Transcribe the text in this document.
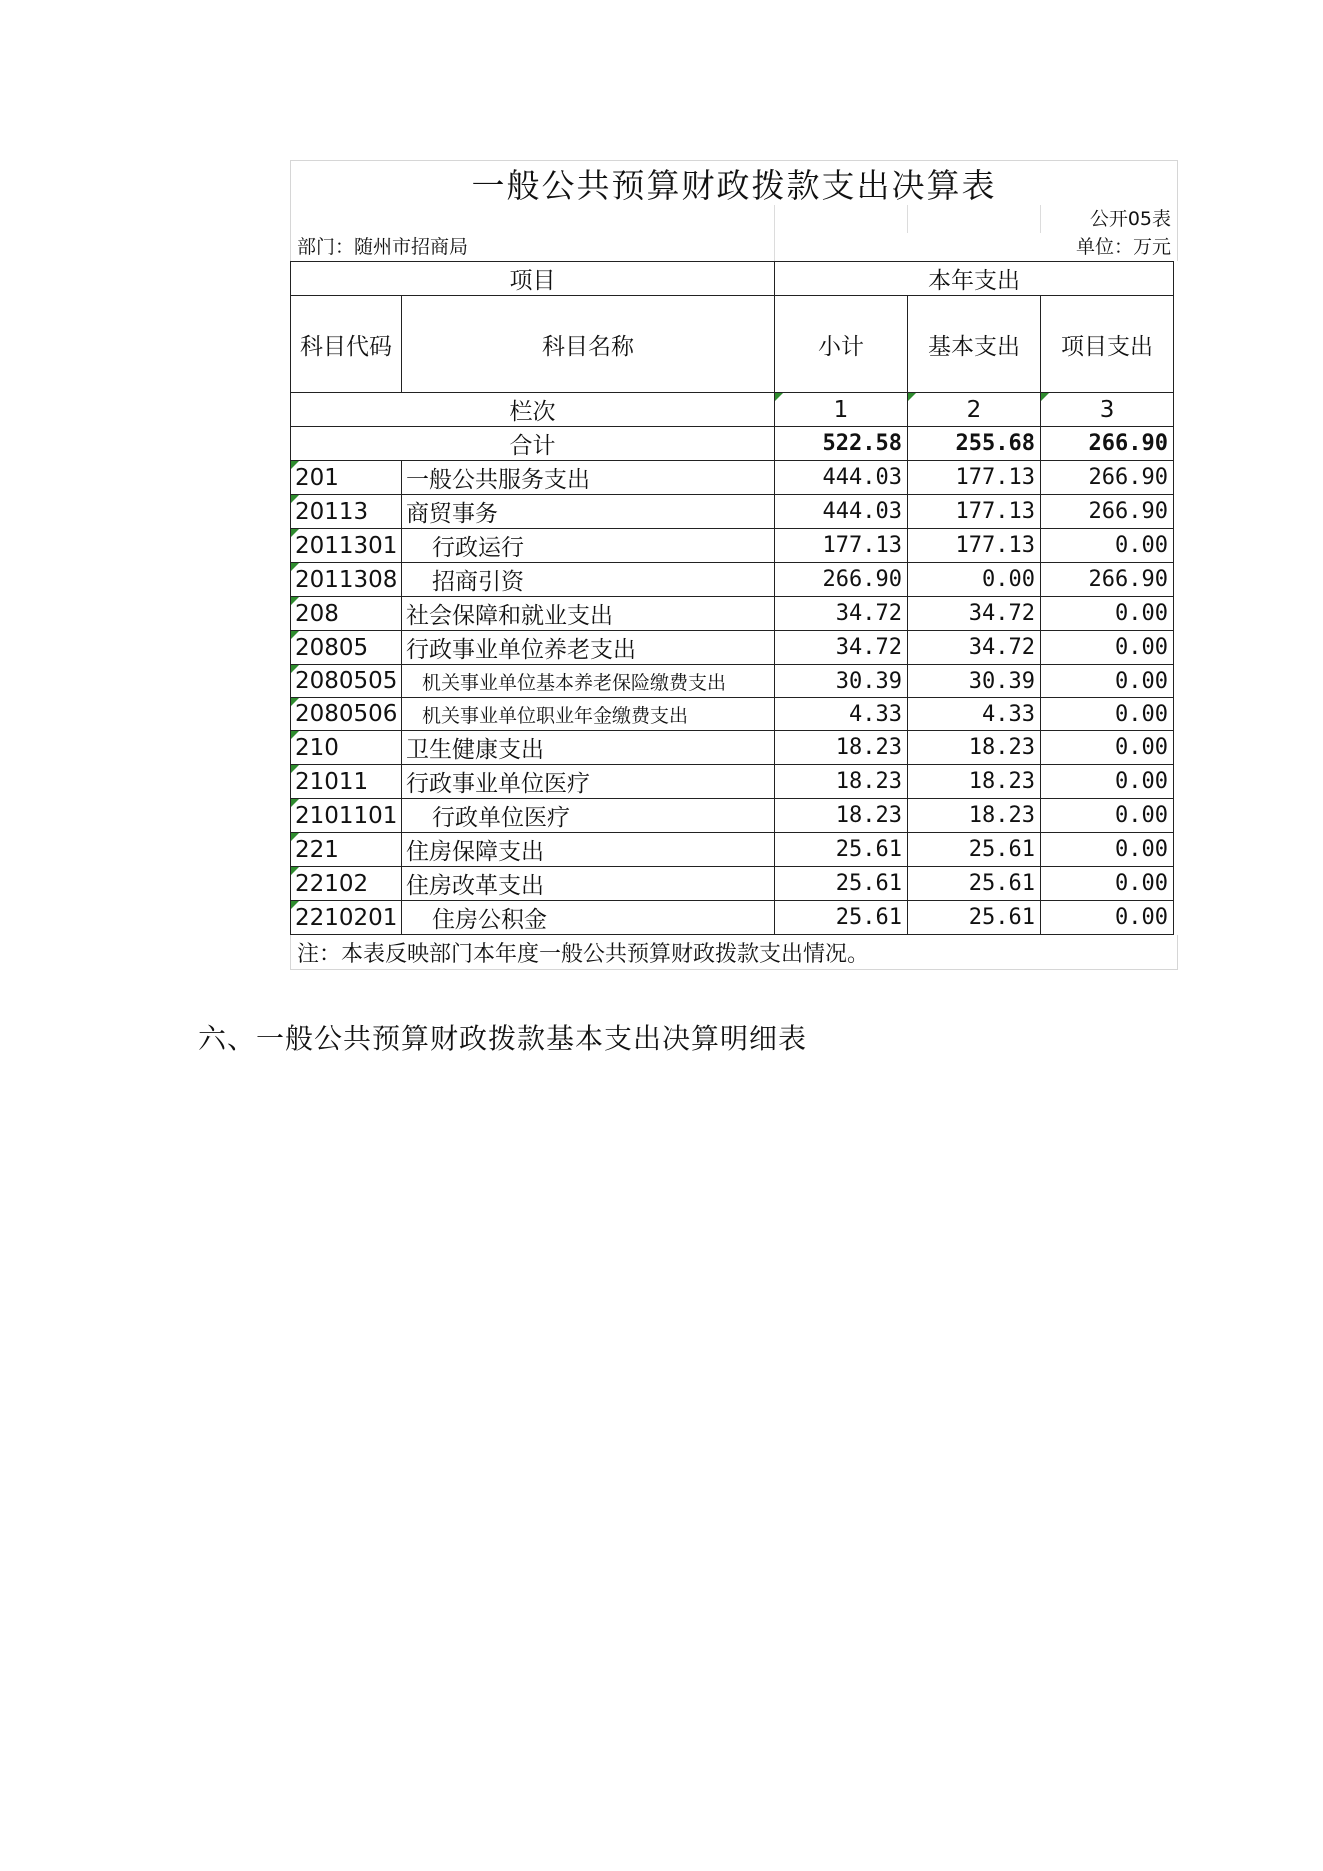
一般公共预算财政拨款支出决算表
公开05表
部门：随州市招商局	单位：万元
项目		本年支出		
科目代码	科目名称	小计	基本支出	项目支出
栏次		1	2	3
合计		522.58	255.68	266.90
201	一般公共服务支出	444.03	177.13	266.90
20113	商贸事务	444.03	177.13	266.90
2011301	行政运行	177.13	177.13	0.00
2011308	招商引资	266.90	0.00	266.90
208	社会保障和就业支出	34.72	34.72	0.00
20805	行政事业单位养老支出	34.72	34.72	0.00
2080505	机关事业单位基本养老保险缴费支出	30.39	30.39	0.00
2080506	机关事业单位职业年金缴费支出	4.33	4.33	0.00
210	卫生健康支出	18.23	18.23	0.00
21011	行政事业单位医疗	18.23	18.23	0.00
2101101	行政单位医疗	18.23	18.23	0.00
221	住房保障支出	25.61	25.61	0.00
22102	住房改革支出	25.61	25.61	0.00
2210201	住房公积金	25.61	25.61	0.00
注：本表反映部门本年度一般公共预算财政拨款支出情况。
六、一般公共预算财政拨款基本支出决算明细表
